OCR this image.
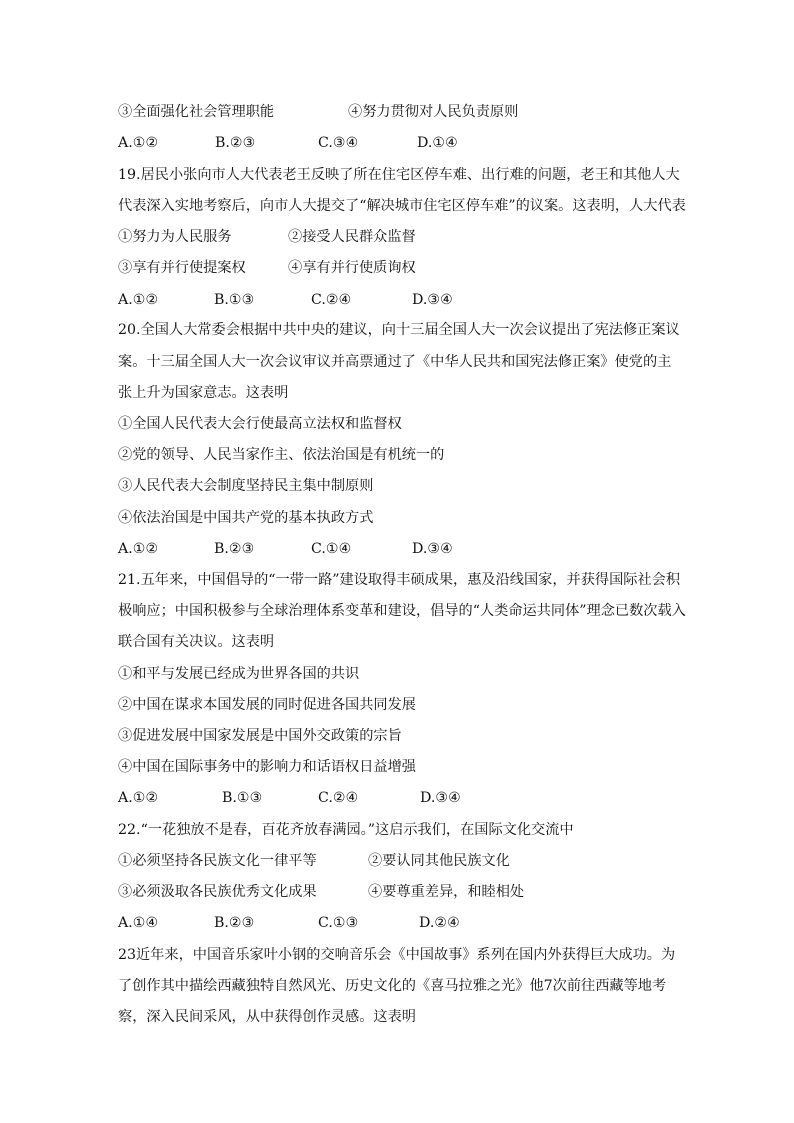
③全面强化社会管理职能	④努力贯彻对人民负责原则
A.①②	B.②③	C.③④	D.①④
19.居民小张向市人大代表老王反映了所在住宅区停车难、出行难的问题，老王和其他人大
代表深入实地考察后，向市人大提交了“解决城市住宅区停车难”的议案。这表明，人大代表
①努力为人民服务	②接受人民群众监督
③享有并行使提案权	④享有并行使质询权
A.①②	B.①③	C.②④	D.③④
20.全国人大常委会根据中共中央的建议，向十三届全国人大一次会议提出了宪法修正案议
案。十三届全国人大一次会议审议并高票通过了《中华人民共和国宪法修正案》使党的主
张上升为国家意志。这表明
①全国人民代表大会行使最高立法权和监督权
②党的领导、人民当家作主、依法治国是有机统一的
③人民代表大会制度坚持民主集中制原则
④依法治国是中国共产党的基本执政方式
A.①②	B.②③	C.①④	D.③④
21.五年来，中国倡导的“一带一路”建设取得丰硕成果，惠及沿线国家，并获得国际社会积
极响应；中国积极参与全球治理体系变革和建设，倡导的“人类命运共同体”理念已数次载入
联合国有关决议。这表明
①和平与发展已经成为世界各国的共识
②中国在谋求本国发展的同时促进各国共同发展
③促进发展中国家发展是中国外交政策的宗旨
④中国在国际事务中的影响力和话语权日益增强
A.①②	B.①③	C.②④	D.③④
22.“一花独放不是春，百花齐放春满园。”这启示我们，在国际文化交流中
①必须坚持各民族文化一律平等	②要认同其他民族文化
③必须汲取各民族优秀文化成果	④要尊重差异，和睦相处
A.①④	B.②③	C.①③	D.②④
23近年来，中国音乐家叶小钢的交响音乐会《中国故事》系列在国内外获得巨大成功。为
了创作其中描绘西藏独特自然风光、历史文化的《喜马拉雅之光》他7次前往西藏等地考
察，深入民间采风，从中获得创作灵感。这表明
